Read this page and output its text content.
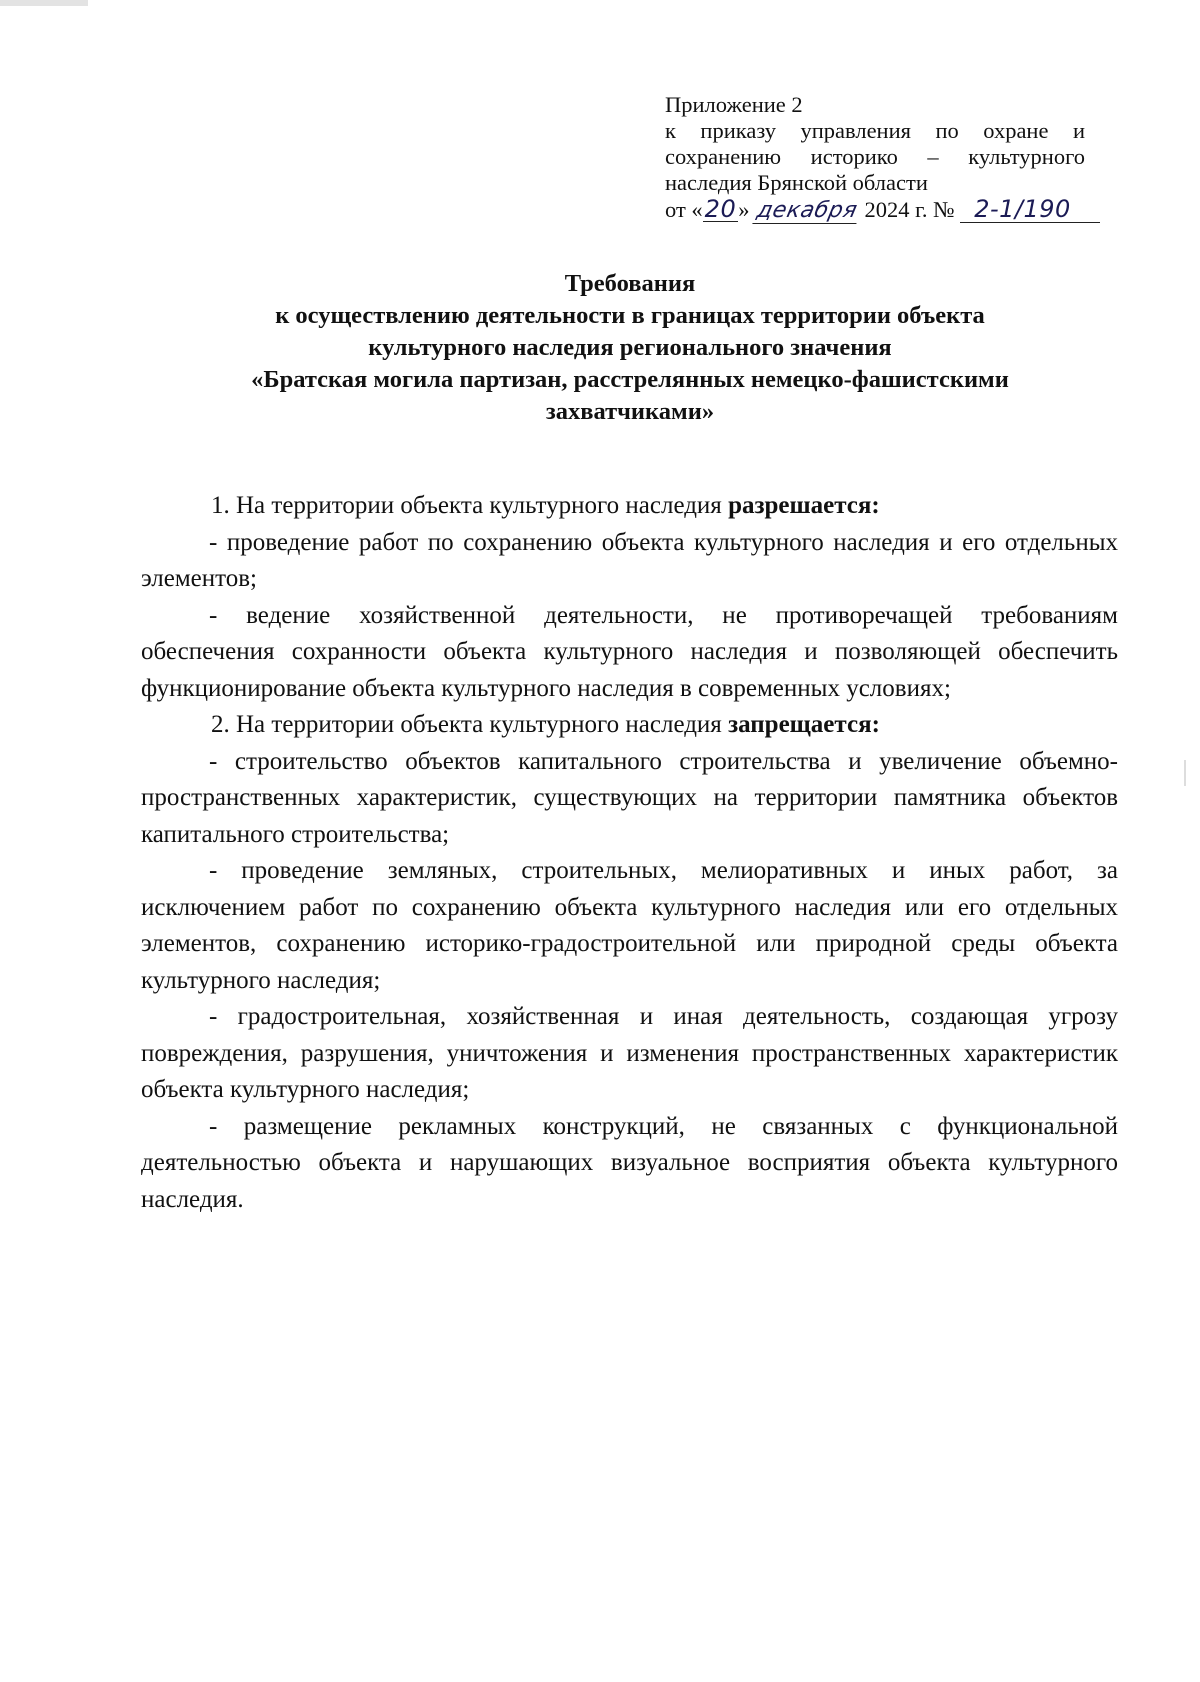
Приложение 2
к приказу управления по охране и
сохранению историко – культурного
наследия Брянской области
от «20» декабря 2024 г. № 2-1/190
Требования
к осуществлению деятельности в границах территории объекта
культурного наследия регионального значения
«Братская могила партизан, расстрелянных немецко-фашистскими
захватчиками»

1. На территории объекта культурного наследия разрешается:

- проведение работ по сохранению объекта культурного наследия и его отдельных элементов;

- ведение хозяйственной деятельности, не противоречащей требованиям обеспечения сохранности объекта культурного наследия и позволяющей обеспечить функционирование объекта культурного наследия в современных условиях;

2. На территории объекта культурного наследия запрещается:

- строительство объектов капитального строительства и увеличение объемно-пространственных характеристик, существующих на территории памятника объектов капитального строительства;

- проведение земляных, строительных, мелиоративных и иных работ, за исключением работ по сохранению объекта культурного наследия или его отдельных элементов, сохранению историко-градостроительной или природной среды объекта культурного наследия;

- градостроительная, хозяйственная и иная деятельность, создающая угрозу повреждения, разрушения, уничтожения и изменения пространственных характеристик объекта культурного наследия;

- размещение рекламных конструкций, не связанных с функциональной деятельностью объекта и нарушающих визуальное восприятия объекта культурного наследия.
